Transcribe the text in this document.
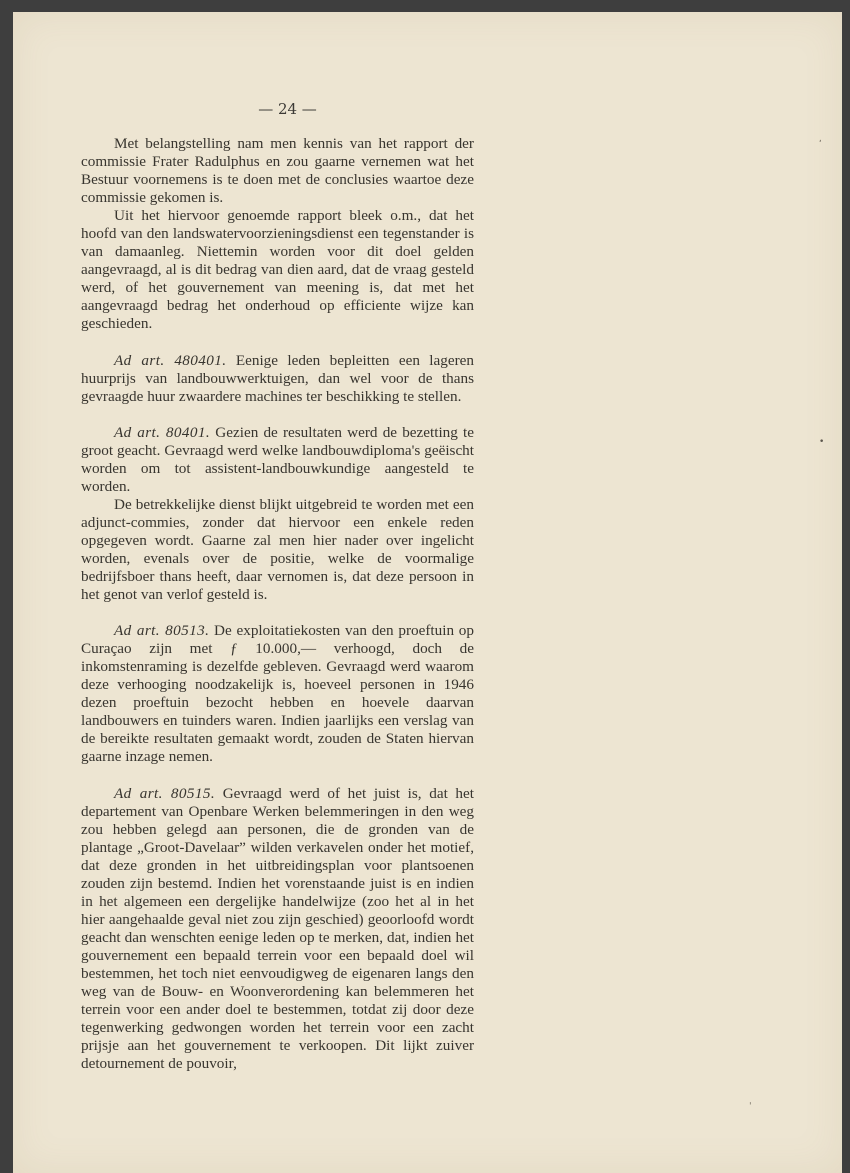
— 24 —

Met belangstelling nam men kennis van het rapport der commissie Frater Radulphus en zou gaarne vernemen wat het Bestuur voornemens is te doen met de conclusies waartoe deze commissie gekomen is.

Uit het hiervoor genoemde rapport bleek o.m., dat het hoofd van den landswatervoorzieningsdienst een tegenstander is van damaanleg. Niettemin worden voor dit doel gelden aangevraagd, al is dit bedrag van dien aard, dat de vraag gesteld werd, of het gouvernement van meening is, dat met het aangevraagd bedrag het onderhoud op efficiente wijze kan geschieden.

Ad art. 480401. Eenige leden bepleitten een lageren huurprijs van landbouwwerktuigen, dan wel voor de thans gevraagde huur zwaardere machines ter beschikking te stellen.

Ad art. 80401. Gezien de resultaten werd de bezetting te groot geacht. Gevraagd werd welke landbouwdiploma's geëischt worden om tot assistent-landbouwkundige aangesteld te worden.

De betrekkelijke dienst blijkt uitgebreid te worden met een adjunct-commies, zonder dat hiervoor een enkele reden opgegeven wordt. Gaarne zal men hier nader over ingelicht worden, evenals over de positie, welke de voormalige bedrijfsboer thans heeft, daar vernomen is, dat deze persoon in het genot van verlof gesteld is.

Ad art. 80513. De exploitatiekosten van den proeftuin op Curaçao zijn met ƒ 10.000,— verhoogd, doch de inkomstenraming is dezelfde gebleven. Gevraagd werd waarom deze verhooging noodzakelijk is, hoeveel personen in 1946 dezen proeftuin bezocht hebben en hoevele daarvan landbouwers en tuinders waren. Indien jaarlijks een verslag van de bereikte resultaten gemaakt wordt, zouden de Staten hiervan gaarne inzage nemen.

Ad art. 80515. Gevraagd werd of het juist is, dat het departement van Openbare Werken belemmeringen in den weg zou hebben gelegd aan personen, die de gronden van de plantage „Groot-Davelaar” wilden verkavelen onder het motief, dat deze gronden in het uitbreidingsplan voor plantsoenen zouden zijn bestemd. Indien het vorenstaande juist is en indien in het algemeen een dergelijke handelwijze (zoo het al in het hier aangehaalde geval niet zou zijn geschied) geoorloofd wordt geacht dan wenschten eenige leden op te merken, dat, indien het gouvernement een bepaald terrein voor een bepaald doel wil bestemmen, het toch niet eenvoudigweg de eigenaren langs den weg van de Bouw- en Woonverordening kan belemmeren het terrein voor een ander doel te bestemmen, totdat zij door deze tegenwerking gedwongen worden het terrein voor een zacht prijsje aan het gouvernement te verkoopen. Dit lijkt zuiver detournement de pouvoir,

ʹ
•
ˈ
